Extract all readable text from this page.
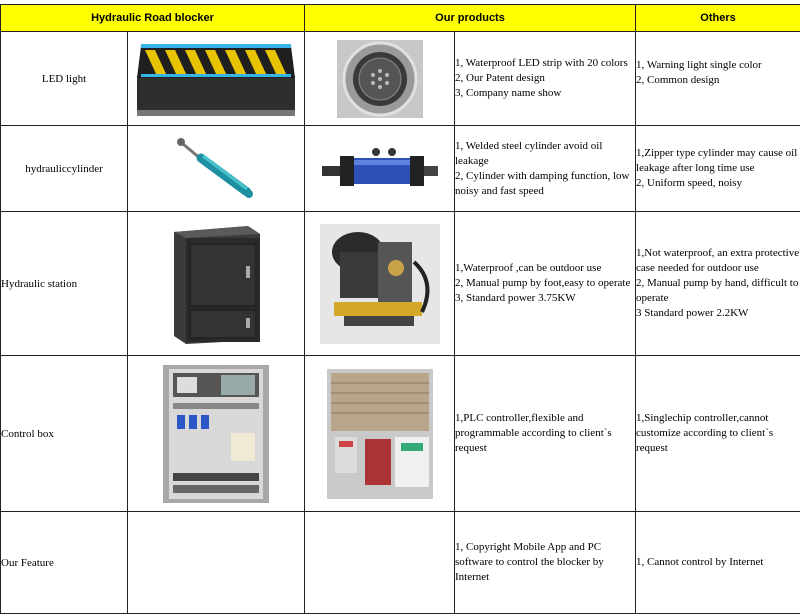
Hydraulic Road blocker		Our products		Others
LED light			1, Waterproof LED strip with 20 colors
2, Our Patent design
3, Company name show	1, Warning light single color
2, Common design

hydrauliccylinder			1, Welded steel cylinder avoid oil leakage
2, Cylinder with damping function, low noisy and fast speed	1,Zipper type cylinder may cause oil leakage after long time use
2, Uniform speed, noisy

Hydraulic station			1,Waterproof ,can be outdoor use
2, Manual pump by foot,easy to operate
3, Standard power 3.75KW	1,Not waterproof, an extra protective case needed for outdoor use
2, Manual pump by hand, difficult to operate
3 Standard power 2.2KW

Control box			1,PLC controller,flexible and programmable according to client`s request	1,Singlechip controller,cannot customize according to client`s request

Our Feature			1, Copyright Mobile App and PC software to control the blocker by Internet	1, Cannot control by Internet
